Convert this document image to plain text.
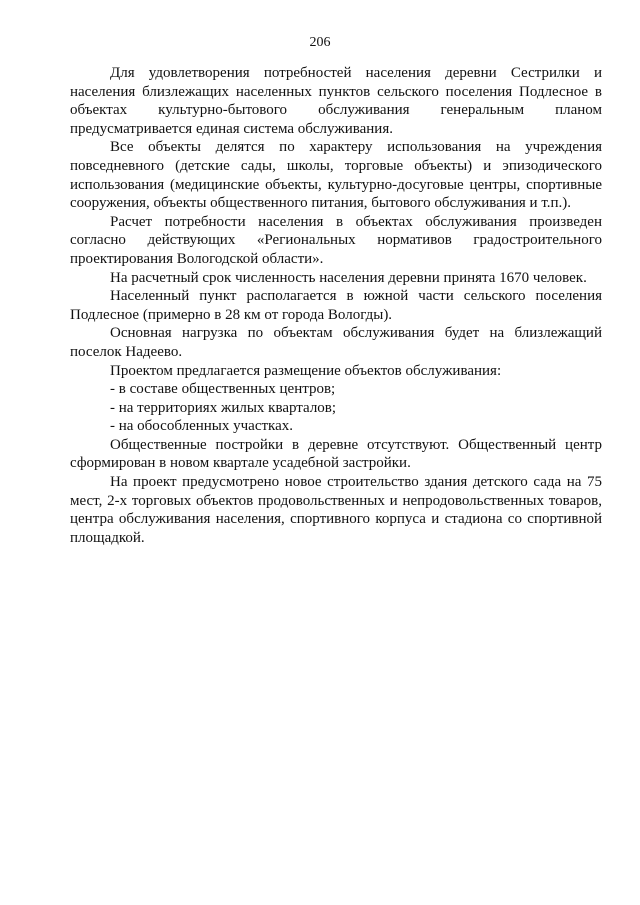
206

Для удовлетворения потребностей населения деревни Сестрилки и населения близлежащих населенных пунктов сельского поселения Подлесное в объектах культурно-бытового обслуживания генеральным планом предусматривается единая система обслуживания.

Все объекты делятся по характеру использования на учреждения повседневного (детские сады, школы, торговые объекты) и эпизодического использования (медицинские объекты, культурно-досуговые центры, спортивные сооружения, объекты общественного питания, бытового обслуживания и т.п.).

Расчет потребности населения в объектах обслуживания произведен согласно действующих «Региональных нормативов градостроительного проектирования Вологодской области».

На расчетный срок численность населения деревни принята 1670 человек.

Населенный пункт располагается в южной части сельского поселения Подлесное (примерно в 28 км от города Вологды).

Основная нагрузка по объектам обслуживания будет на близлежащий поселок Надеево.

Проектом предлагается размещение объектов обслуживания:

- в составе общественных центров;

- на территориях жилых кварталов;

- на обособленных участках.

Общественные постройки в деревне отсутствуют. Общественный центр сформирован в новом квартале усадебной застройки.

На проект предусмотрено новое строительство здания детского сада на 75 мест, 2-х торговых объектов продовольственных и непродовольственных товаров, центра обслуживания населения, спортивного корпуса и стадиона со спортивной площадкой.
